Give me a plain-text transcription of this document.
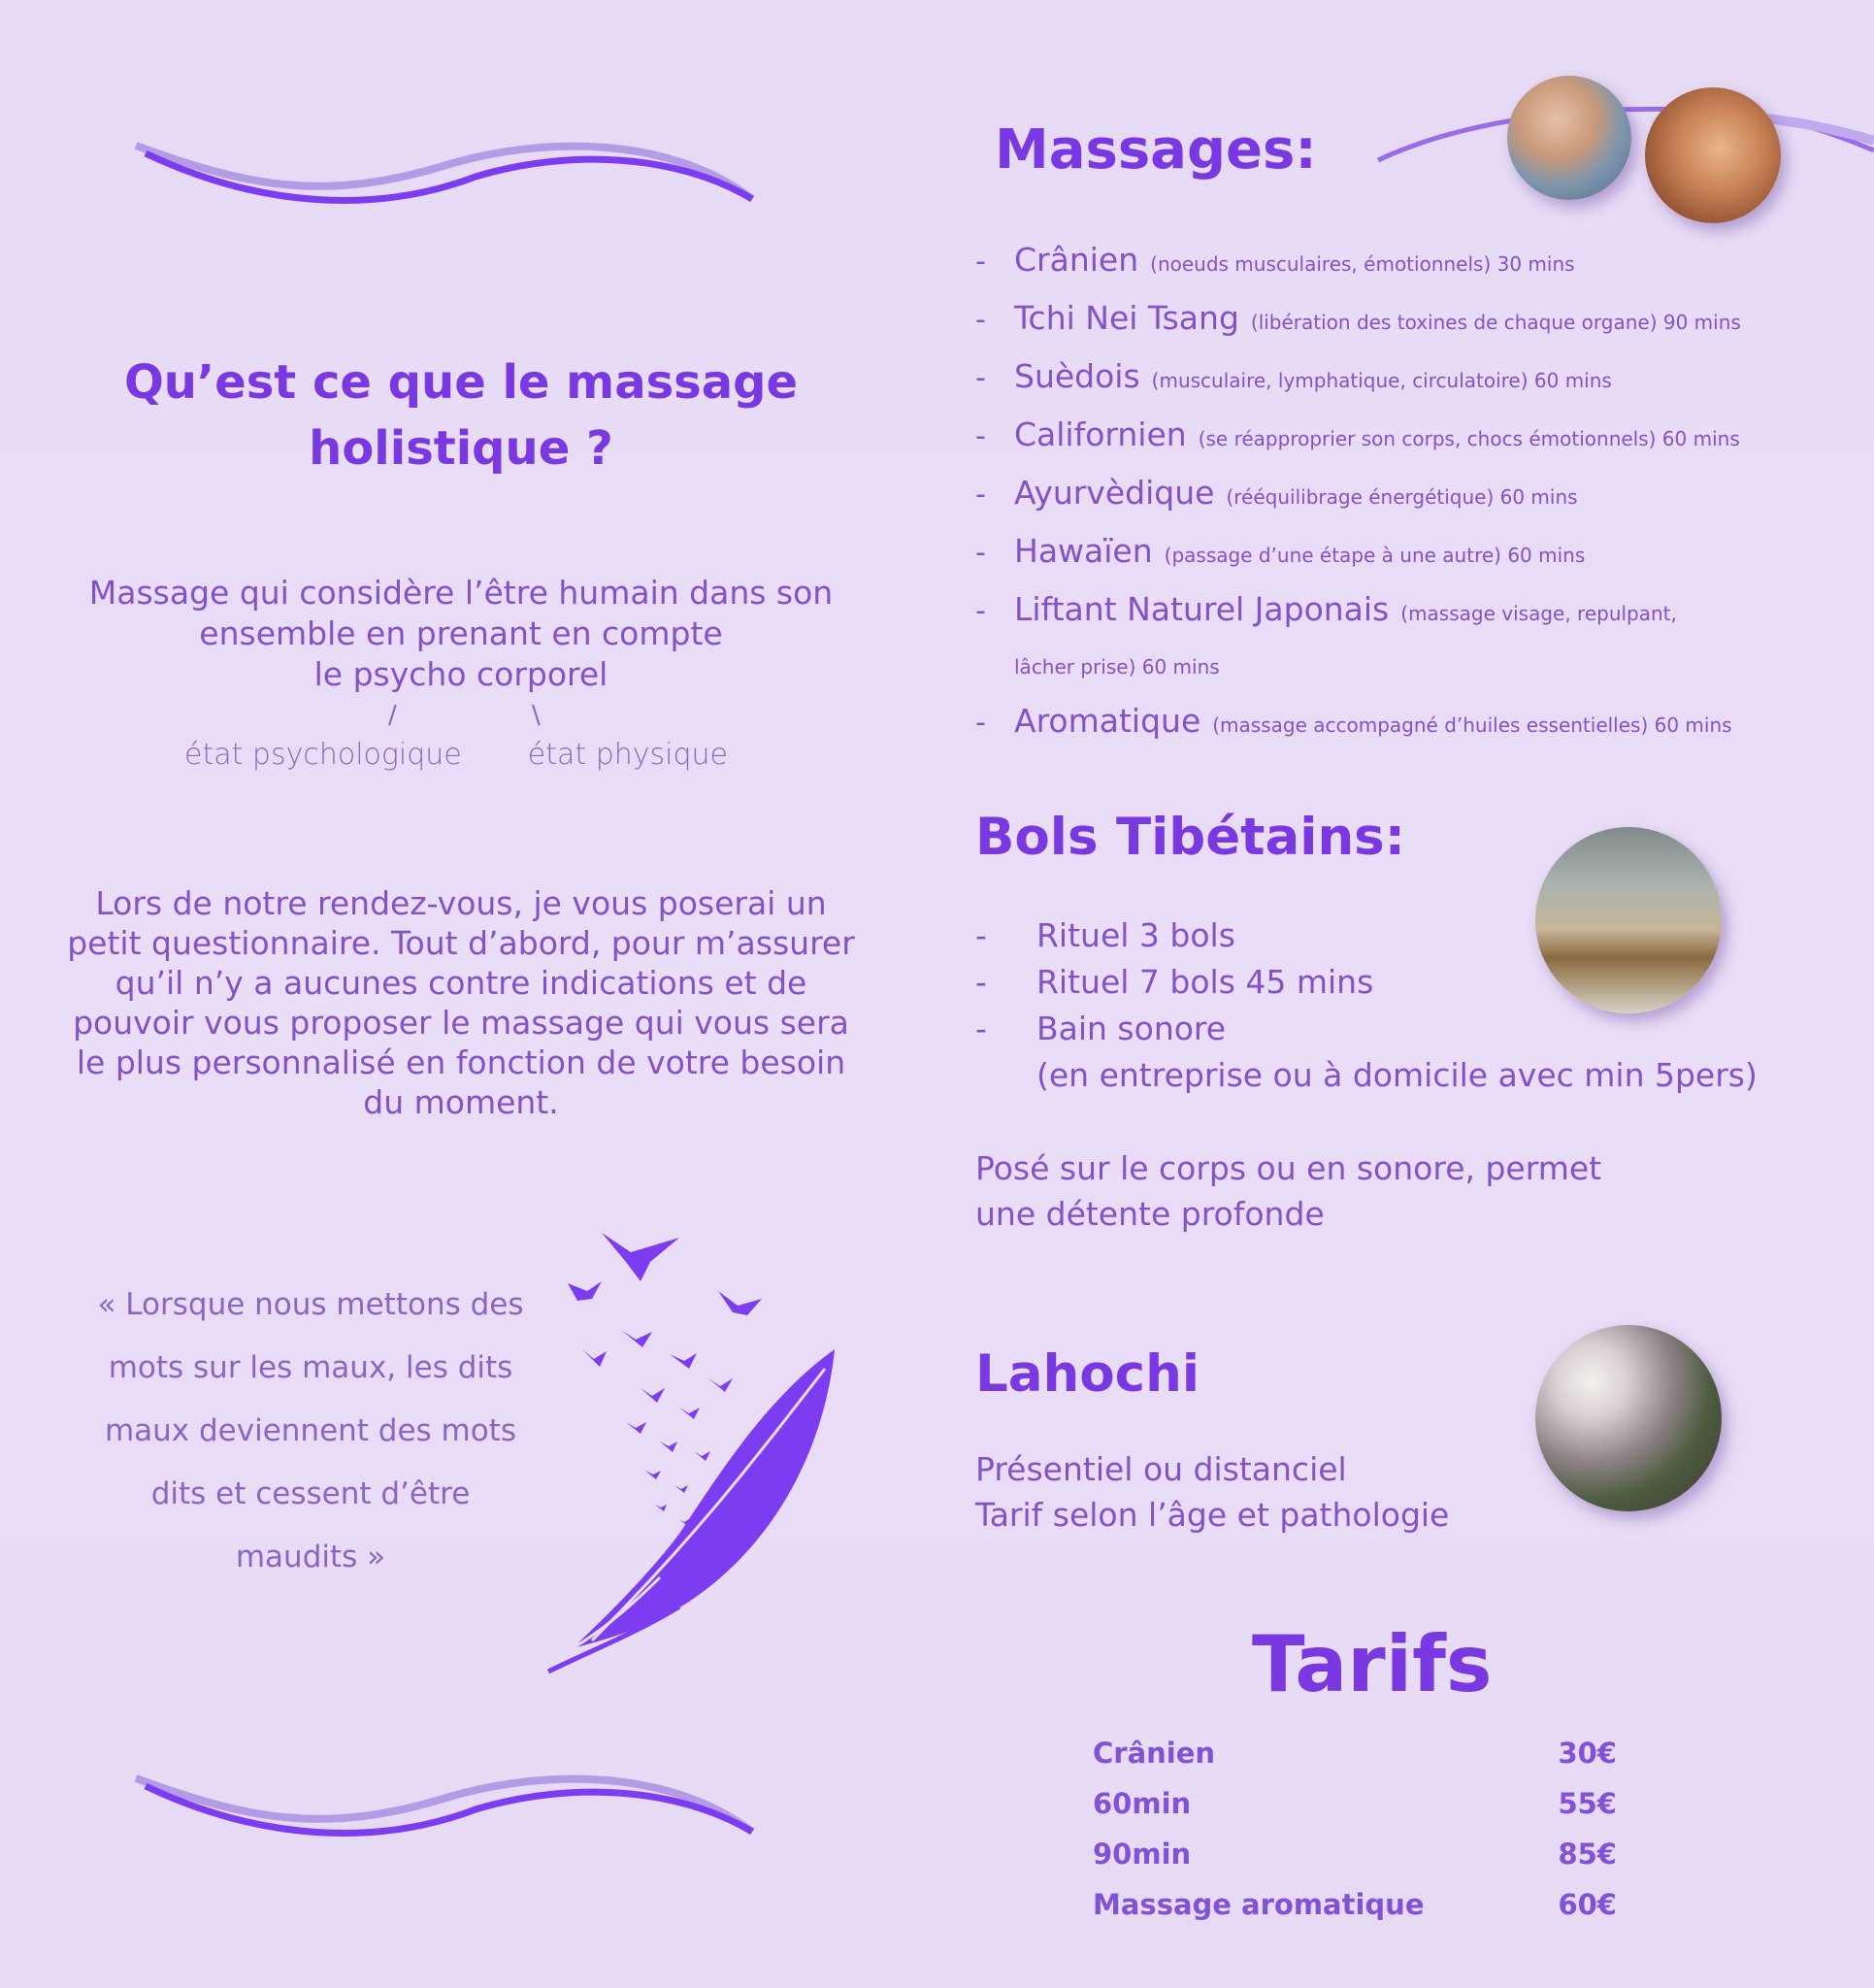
Qu’est ce que le massage
holistique ?

Massage qui considère l’être humain dans son
ensemble en prenant en compte
le psycho corporel

/	\
état psychologique état physique

Lors de notre rendez-vous, je vous poserai un
petit questionnaire. Tout d’abord, pour m’assurer
qu’il n’y a aucunes contre indications et de
pouvoir vous proposer le massage qui vous sera
le plus personnalisé en fonction de votre besoin
du moment.

« Lorsque nous mettons des
mots sur les maux, les dits
maux deviennent des mots
dits et cessent d’être
maudits »

Massages:
- Crânien (noeuds musculaires, émotionnels) 30 mins
- Tchi Nei Tsang (libération des toxines de chaque organe) 90 mins
- Suèdois (musculaire, lymphatique, circulatoire) 60 mins
- Californien (se réapproprier son corps, chocs émotionnels) 60 mins
- Ayurvèdique (rééquilibrage énergétique) 60 mins
- Hawaïen (passage d’une étape à une autre) 60 mins
- Liftant Naturel Japonais (massage visage, repulpant,
lâcher prise) 60 mins
- Aromatique (massage accompagné d’huiles essentielles) 60 mins
Bols Tibétains:
- Rituel 3 bols
- Rituel 7 bols 45 mins
- Bain sonore
(en entreprise ou à domicile avec min 5pers)

Posé sur le corps ou en sonore, permet
une détente profonde

Lahochi

Présentiel ou distanciel
Tarif selon l’âge et pathologie

Tarifs
Crânien	30€
60min	55€
90min	85€
Massage aromatique	60€
